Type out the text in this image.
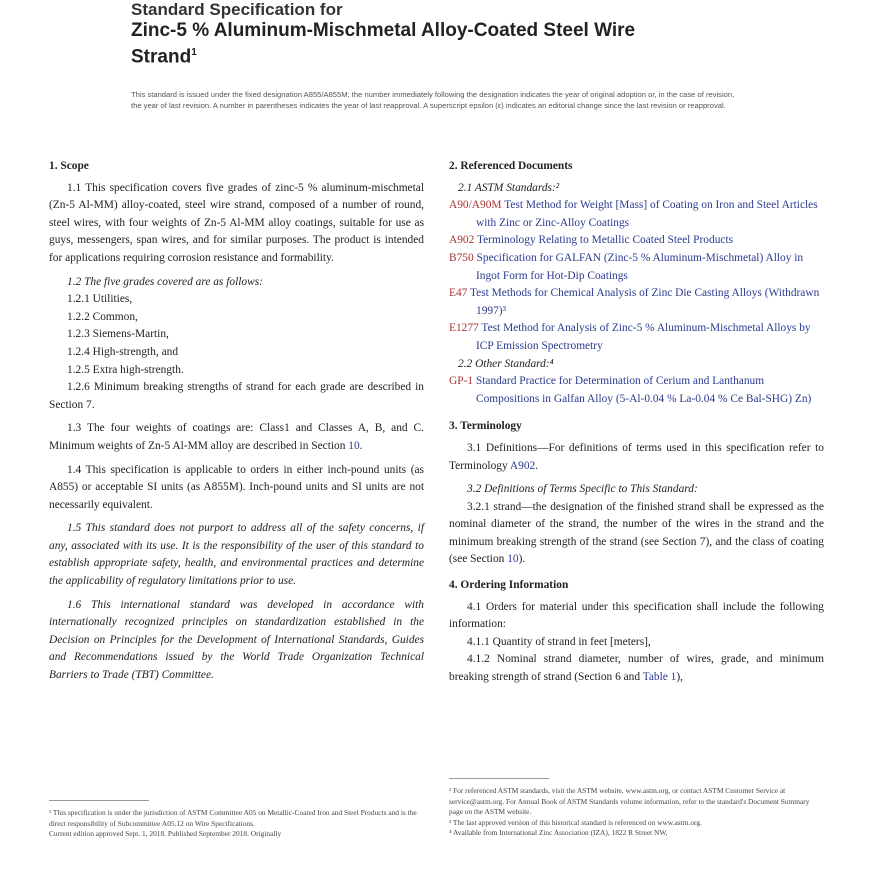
Standard Specification for
Zinc-5 % Aluminum-Mischmetal Alloy-Coated Steel Wire
Strand$^1$
This standard is issued under the fixed designation A855/A855M; the number immediately following the designation indicates the year of original adoption or, in the case of revision, the year of last revision. A number in parentheses indicates the year of last reapproval. A superscript epsilon (ε) indicates an editorial change since the last revision or reapproval.
1. Scope

1.1 This specification covers five grades of zinc-5 % aluminum-mischmetal (Zn-5 Al-MM) alloy-coated, steel wire strand, composed of a number of round, steel wires, with four weights of Zn-5 Al-MM alloy coatings, suitable for use as guys, messengers, span wires, and for similar purposes. The product is intended for applications requiring corrosion resistance and formability.

1.2 The five grades covered are as follows:

1.2.1 Utilities,
1.2.2 Common,
1.2.3 Siemens-Martin,
1.2.4 High-strength, and
1.2.5 Extra high-strength.

1.2.6 Minimum breaking strengths of strand for each grade are described in Section 7.

1.3 The four weights of coatings are: Class1 and Classes A, B, and C. Minimum weights of Zn-5 Al-MM alloy are described in Section 10.

1.4 This specification is applicable to orders in either inch-pound units (as A855) or acceptable SI units (as A855M). Inch-pound units and SI units are not necessarily equivalent.

1.5 This standard does not purport to address all of the safety concerns, if any, associated with its use. It is the responsibility of the user of this standard to establish appropriate safety, health, and environmental practices and determine the applicability of regulatory limitations prior to use.

1.6 This international standard was developed in accordance with internationally recognized principles on standardization established in the Decision on Principles for the Development of International Standards, Guides and Recommendations issued by the World Trade Organization Technical Barriers to Trade (TBT) Committee.

¹ This specification is under the jurisdiction of ASTM Committee A05 on Metallic-Coated Iron and Steel Products and is the direct responsibility of Subcommittee A05.12 on Wire Specifications.
Current edition approved Sept. 1, 2018. Published September 2018. Originally
2. Referenced Documents
2.1 ASTM Standards:²
A90/A90M Test Method for Weight [Mass] of Coating on Iron and Steel Articles with Zinc or Zinc-Alloy Coatings
A902 Terminology Relating to Metallic Coated Steel Products
B750 Specification for GALFAN (Zinc-5 % Aluminum-Mischmetal) Alloy in Ingot Form for Hot-Dip Coatings
E47 Test Methods for Chemical Analysis of Zinc Die Casting Alloys (Withdrawn 1997)³
E1277 Test Method for Analysis of Zinc-5 % Aluminum-Mischmetal Alloys by ICP Emission Spectrometry
2.2 Other Standard:⁴
GP-1 Standard Practice for Determination of Cerium and Lanthanum Compositions in Galfan Alloy (5-Al-0.04 % La-0.04 % Ce Bal-SHG) Zn)
3. Terminology

3.1 Definitions—For definitions of terms used in this specification refer to Terminology A902.

3.2 Definitions of Terms Specific to This Standard:

3.2.1 strand—the designation of the finished strand shall be expressed as the nominal diameter of the strand, the number of the wires in the strand and the minimum breaking strength of the strand (see Section 7), and the class of coating (see Section 10).

4. Ordering Information

4.1 Orders for material under this specification shall include the following information:

4.1.1 Quantity of strand in feet [meters],

4.1.2 Nominal strand diameter, number of wires, grade, and minimum breaking strength of strand (Section 6 and Table 1),

² For referenced ASTM standards, visit the ASTM website, www.astm.org, or contact ASTM Customer Service at service@astm.org. For Annual Book of ASTM Standards volume information, refer to the standard's Document Summary page on the ASTM website.
³ The last approved version of this historical standard is referenced on www.astm.org.
⁴ Available from International Zinc Association (IZA), 1822 R Street NW,
